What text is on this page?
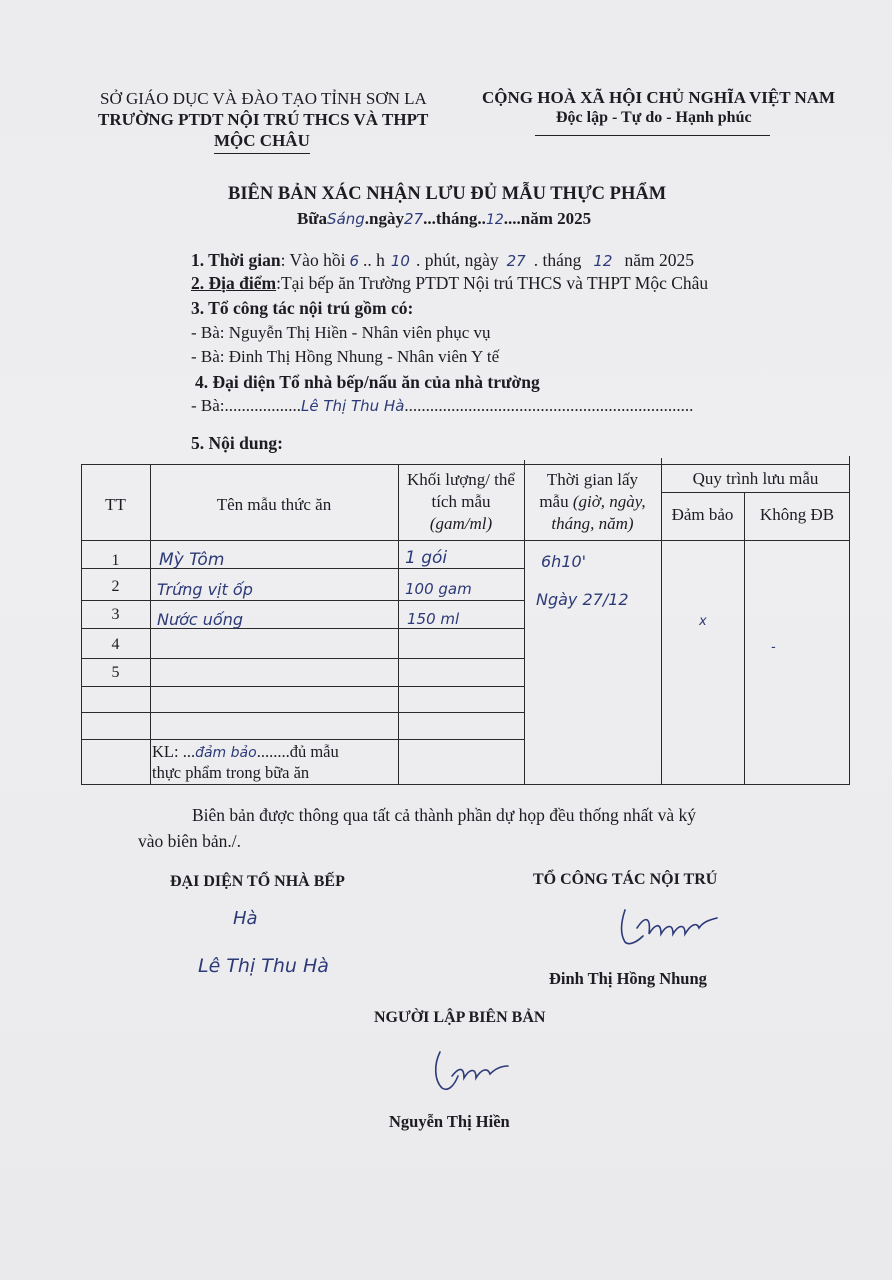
SỞ GIÁO DỤC VÀ ĐÀO TẠO TỈNH SƠN LA
TRƯỜNG PTDT NỘI TRÚ THCS VÀ THPT
MỘC CHÂU
CỘNG HOÀ XÃ HỘI CHỦ NGHĨA VIỆT NAM
Độc lập - Tự do - Hạnh phúc
BIÊN BẢN XÁC NHẬN LƯU ĐỦ MẪU THỰC PHẨM
BữaSáng.ngày27...tháng..12....năm 2025
1. Thời gian: Vào hồi 6 .. h 10 . phút, ngày 27 . tháng 12 năm 2025
2. Địa điểm:Tại bếp ăn Trường PTDT Nội trú THCS và THPT Mộc Châu
3. Tổ công tác nội trú gồm có:
- Bà: Nguyễn Thị Hiền - Nhân viên phục vụ
- Bà: Đinh Thị Hồng Nhung - Nhân viên Y tế
4. Đại diện Tổ nhà bếp/nấu ăn của nhà trường
- Bà:..................Lê Thị Thu Hà....................................................................
5. Nội dung:
TT	Tên mẫu thức ăn
Khối lượng/ thể
tích mẫu
(gam/ml)
Thời gian lấy
mẫu (giờ, ngày,
tháng, năm)
Quy trình lưu mẫu
Đảm bảo	Không ĐB
1
2
3
4
5
Mỳ Tôm
Trứng vịt ốp
Nước uống
1 gói
100 gam
150 ml
6h10'
Ngày 27/12
x
-
KL: ...đảm bảo........đủ mẫu
thực phẩm trong bữa ăn
Biên bản được thông qua tất cả thành phần dự họp đều thống nhất và ký
vào biên bản./.
ĐẠI DIỆN TỔ NHÀ BẾP
Hà
Lê Thị Thu Hà
TỔ CÔNG TÁC NỘI TRÚ
Đinh Thị Hồng Nhung
NGƯỜI LẬP BIÊN BẢN
Nguyễn Thị Hiền
